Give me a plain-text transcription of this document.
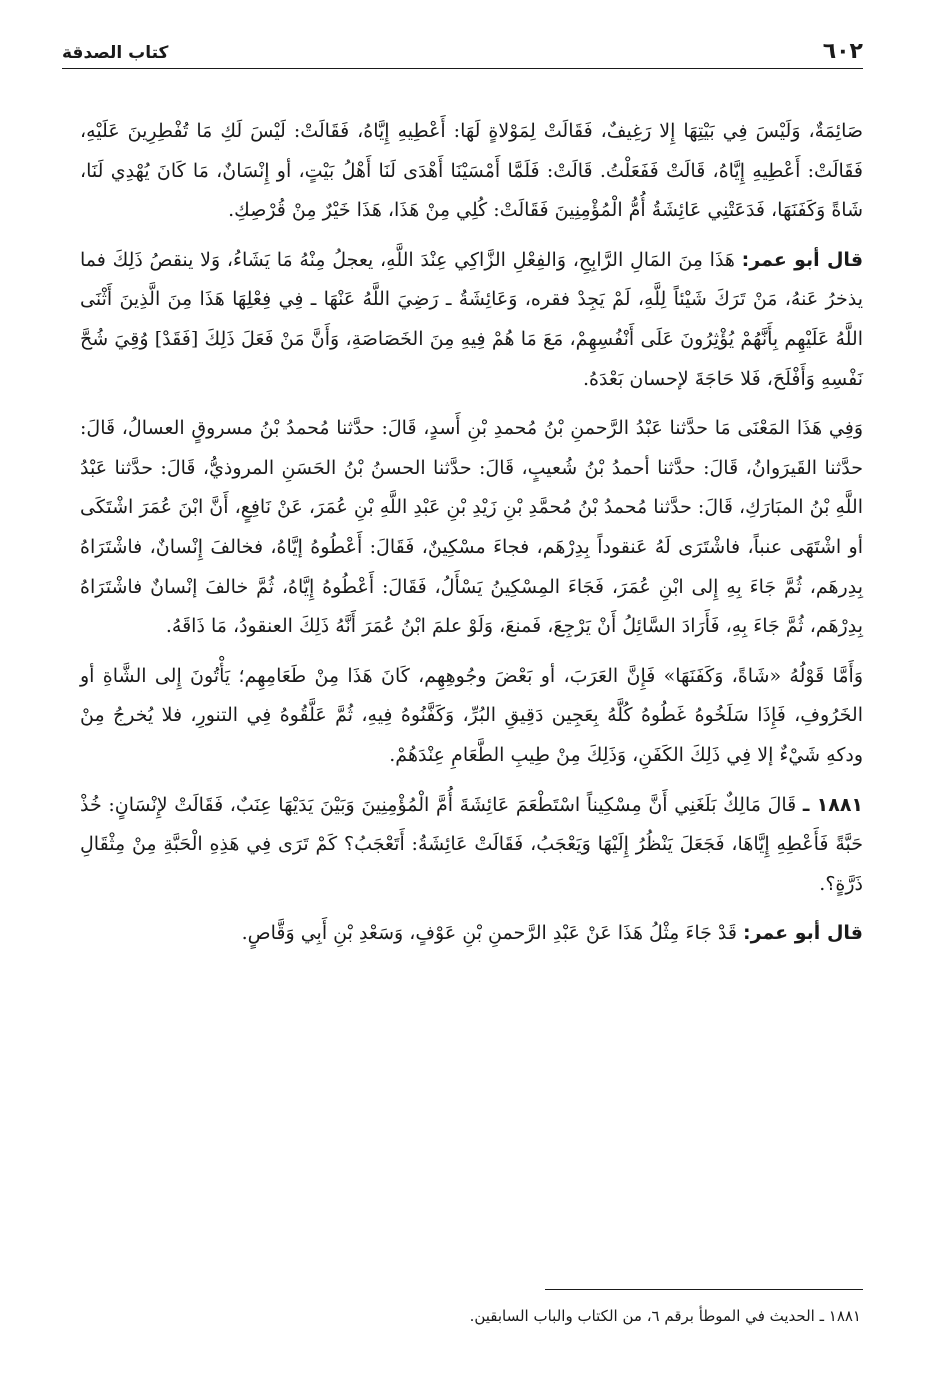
٦٠٢
كتاب الصدقة

صَائِمَةٌ، وَلَيْسَ فِي بَيْتِهَا إِلا رَغِيفٌ، فَقَالَتْ لِمَوْلاةٍ لَهَا: أَعْطِيهِ إِيَّاهُ، فَقَالَتْ: لَيْسَ لَكِ مَا تُفْطِرِينَ عَلَيْهِ، فَقَالَتْ: أَعْطِيهِ إِيَّاهُ، قَالَتْ فَفَعَلْتُ. قَالَتْ: فَلَمَّا أَمْسَيْنَا أَهْدَى لَنَا أَهْلُ بَيْتٍ، أو إِنْسَانٌ، مَا كَانَ يُهْدِي لَنَا، شَاةً وَكَفَنَهَا، فَدَعَتْنِي عَائِشَةُ أُمُّ الْمُؤْمِنِينَ فَقَالَتْ: كُلِي مِنْ هَذَا، هَذَا خَيْرٌ مِنْ قُرْصِكِ.

قال أبو عمر: هَذَا مِنَ المَالِ الرَّابِحِ، وَالفِعْلِ الزَّاكِي عِنْدَ اللَّهِ، يعجلُ مِنْهُ مَا يَشَاءُ، وَلا ينقصُ ذَلِكَ فما يذخرُ عَنهُ، مَنْ تَرَكَ شَيْئاً لِلَّهِ، لَمْ يَجِدْ فقره، وَعَائِشَةُ ـ رَضِيَ اللَّهُ عَنْهَا ـ فِي فِعْلِهَا هَذَا مِنَ الَّذِينَ أَثْنَى اللَّهُ عَلَيْهِم بِأَنَّهُمْ يُؤْثِرُونَ عَلَى أَنْفُسِهِمْ، مَعَ مَا هُمْ فِيهِ مِنَ الخَصَاصَةِ، وَأَنَّ مَنْ فَعَلَ ذَلِكَ [فَقَدْ] وُقِيَ شُحَّ نَفْسِهِ وَأَفْلَحَ، فَلا حَاجَةَ لإحسان بَعْدَهُ.

وَفِي هَذَا المَعْنَى مَا حدَّثنا عَبْدُ الرَّحمنِ بْنُ مُحمدِ بْنِ أَسدٍ، قَالَ: حدَّثنا مُحمدُ بْنُ مسروقٍ العسالُ، قَالَ: حدَّثنا القَيرَوانُ، قَالَ: حدَّثنا أحمدُ بْنُ شُعيبٍ، قَالَ: حدَّثنا الحسنُ بْنُ الحَسَنِ المروذيُّ، قَالَ: حدَّثنا عَبْدُ اللَّهِ بْنُ المبَارَكِ، قَالَ: حدَّثنا مُحمدُ بْنُ مُحمَّدِ بْنِ زَيْدِ بْنِ عَبْدِ اللَّهِ بْنِ عُمَرَ، عَنْ نَافِعٍ، أَنَّ ابْنَ عُمَرَ اشْتَكَى أو اشْتَهَى عنباً، فاشْتَرَى لَهُ عَنقوداً بِدِرْهَم، فجاءَ مسْكِينٌ، فَقَالَ: أَعْطُوهُ إيَّاهُ، فخالفَ إِنْسانٌ، فاشْتَرَاهُ بِدِرهَم، ثُمَّ جَاءَ بِهِ إِلى ابْنِ عُمَرَ، فَجَاءَ المِسْكِينُ يَسْأَلُ، فَقَالَ: أَعْطُوهُ إِيَّاهُ، ثُمَّ خالفَ إنْسانٌ فاشْتَرَاهُ بِدِرْهَم، ثُمَّ جَاءَ بِهِ، فَأَرَادَ السَّائِلُ أَنْ يَرْجِعَ، فَمنعَ، وَلَوْ علمَ ابْنُ عُمَرَ أَنَّهُ ذَلِكَ العنقودُ، مَا ذَاقَهُ.

وَأَمَّا قَوْلُهُ «شَاةً، وَكَفَنَهَا» فَإِنَّ العَرَبَ، أو بَعْضَ وجُوهِهِم، كَانَ هَذَا مِنْ طَعَامِهِم؛ يَأْتُونَ إِلى الشَّاةِ أو الخَرُوفِ، فَإِذَا سَلَخُوهُ غَطُوهُ كُلَّهُ بِعَجِين دَقِيقِ البُرِّ، وَكَفَّنُوهُ فِيهِ، ثُمَّ عَلَّقُوهُ فِي التنورِ، فلا يُخرجُ مِنْ ودكهِ شَيْءٌ إلا فِي ذَلِكَ الكَفَنِ، وَذَلِكَ مِنْ طِيبِ الطَّعَامِ عِنْدَهُمْ.

١٨٨١ ـ قَالَ مَالِكٌ بَلَغَنِي أَنَّ مِسْكِيناً اسْتَطْعَمَ عَائِشَةَ أُمَّ الْمُؤْمِنِينَ وَبَيْنَ يَدَيْهَا عِنَبٌ، فَقَالَتْ لإِنْسَانٍ: خُذْ حَبَّةً فَأَعْطِهِ إِيَّاهَا، فَجَعَلَ يَنْظُرُ إِلَيْهَا وَيَعْجَبُ، فَقَالَتْ عَائِشَةُ: أَتَعْجَبُ؟ كَمْ تَرَى فِي هَذِهِ الْحَبَّةِ مِنْ مِثْقَالِ ذَرَّةٍ؟.

قال أبو عمر: قَدْ جَاءَ مِثْلُ هَذَا عَنْ عَبْدِ الرَّحمنِ بْنِ عَوْفٍ، وَسَعْدِ بْنِ أَبِي وَقَّاصٍ.

١٨٨١ ـ الحديث في الموطأ برقم ٦، من الكتاب والباب السابقين.
